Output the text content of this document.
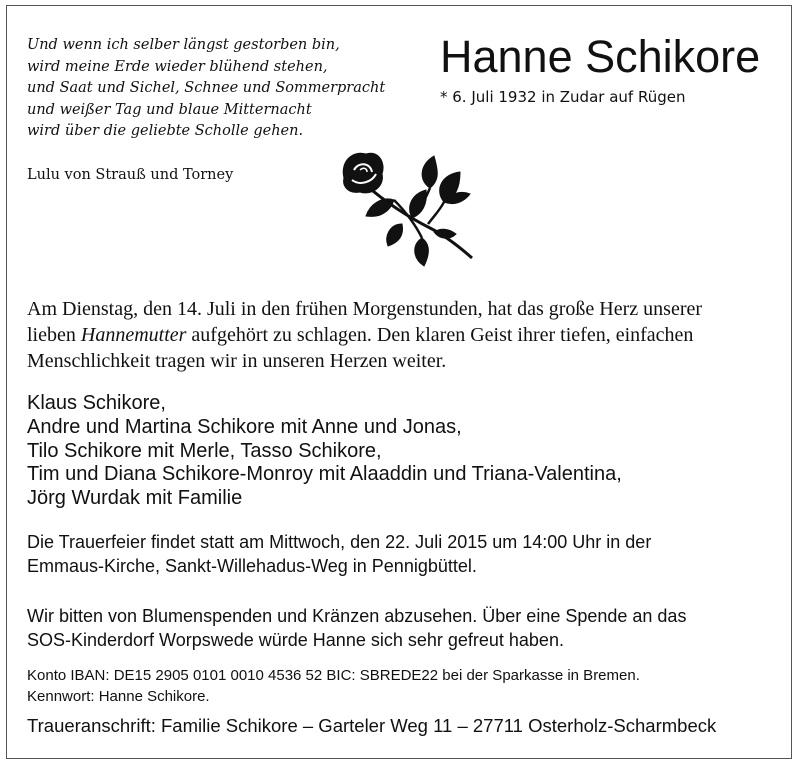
Und wenn ich selber längst gestorben bin,
wird meine Erde wieder blühend stehen,
und Saat und Sichel, Schnee und Sommerpracht
und weißer Tag und blaue Mitternacht
wird über die geliebte Scholle gehen.
Lulu von Strauß und Torney
Hanne Schikore
* 6. Juli 1932 in Zudar auf Rügen
Am Dienstag, den 14. Juli in den frühen Morgenstunden, hat das große Herz unserer
lieben Hannemutter aufgehört zu schlagen. Den klaren Geist ihrer tiefen, einfachen
Menschlichkeit tragen wir in unseren Herzen weiter.
Klaus Schikore,
Andre und Martina Schikore mit Anne und Jonas,
Tilo Schikore mit Merle, Tasso Schikore,
Tim und Diana Schikore-Monroy mit Alaaddin und Triana-Valentina,
Jörg Wurdak mit Familie
Die Trauerfeier findet statt am Mittwoch, den 22. Juli 2015 um 14:00 Uhr in der
Emmaus-Kirche, Sankt-Willehadus-Weg in Pennigbüttel.
Wir bitten von Blumenspenden und Kränzen abzusehen. Über eine Spende an das
SOS-Kinderdorf Worpswede würde Hanne sich sehr gefreut haben.
Konto IBAN: DE15 2905 0101 0010 4536 52 BIC: SBREDE22 bei der Sparkasse in Bremen.
Kennwort: Hanne Schikore.
Traueranschrift: Familie Schikore – Garteler Weg 11 – 27711 Osterholz-Scharmbeck
